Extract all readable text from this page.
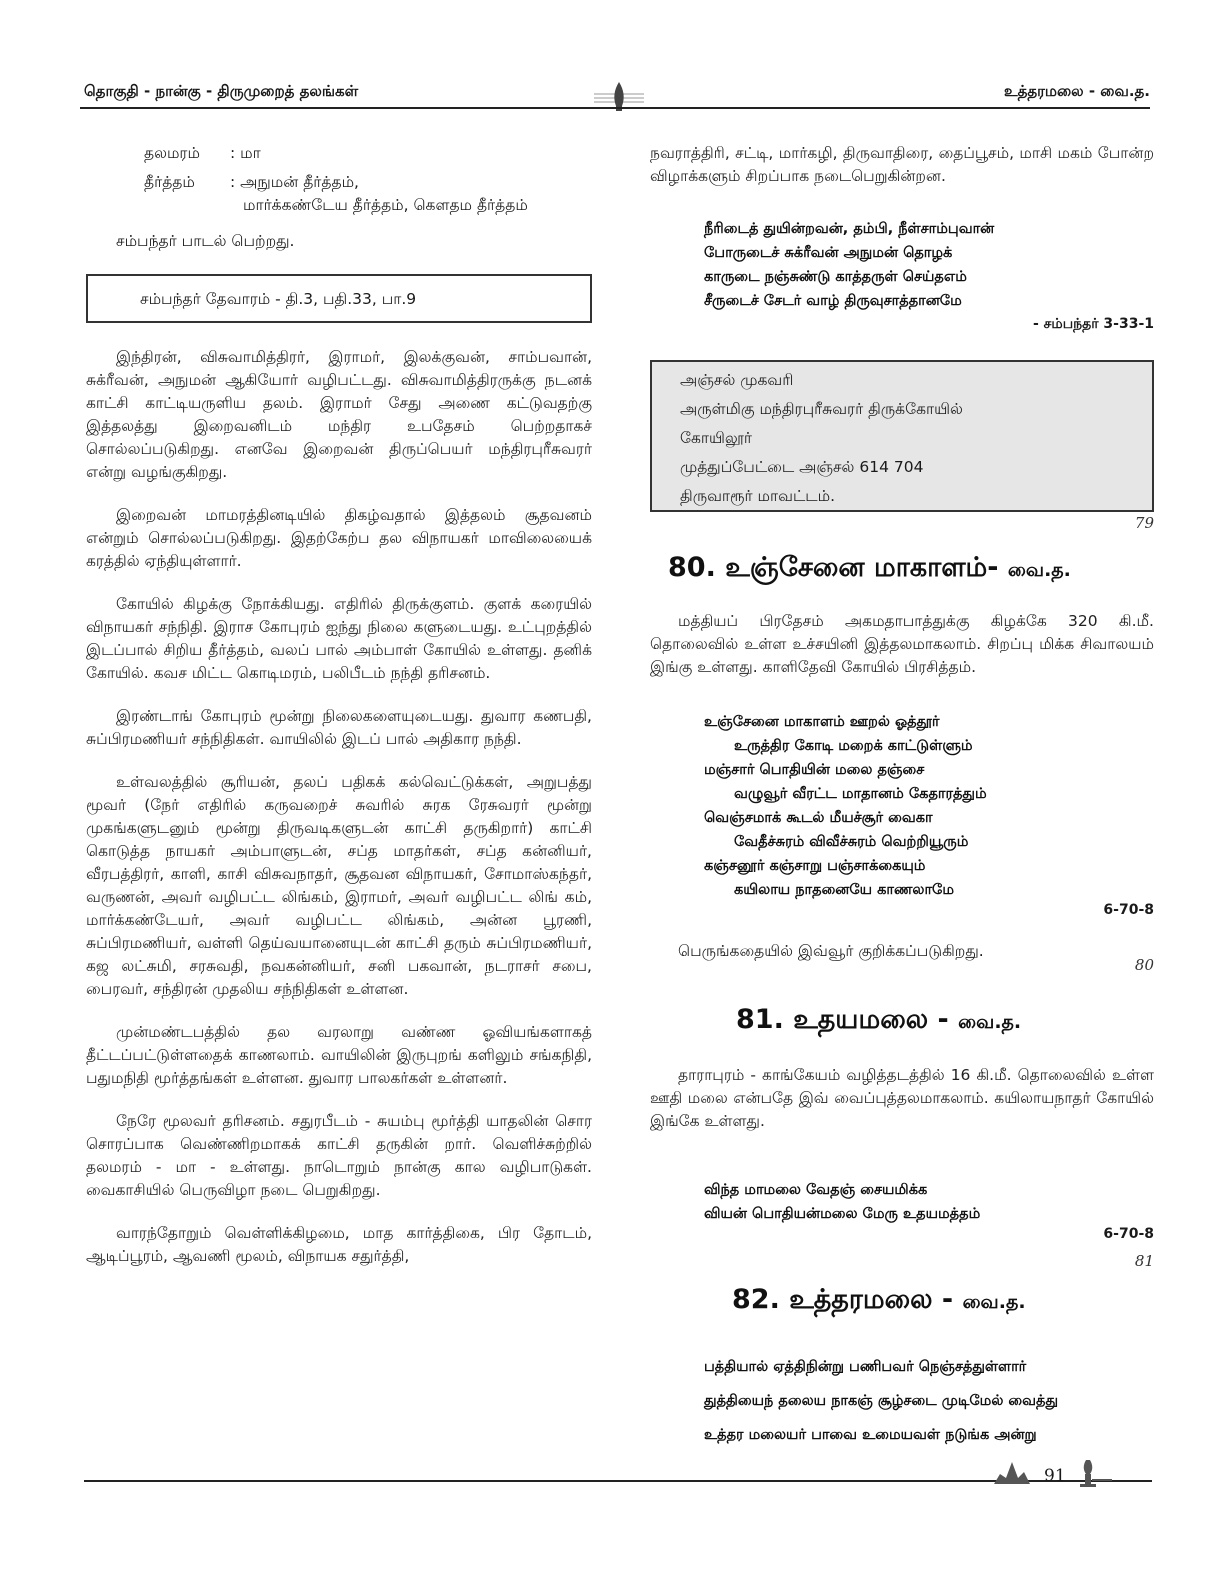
தொகுதி - நான்கு - திருமுறைத் தலங்கள்	உத்தரமலை - வை.த.
தலமரம் : மா
தீர்த்தம் : அநுமன் தீர்த்தம்,
மார்க்கண்டேய தீர்த்தம், கௌதம தீர்த்தம்
சம்பந்தர் பாடல் பெற்றது.
சம்பந்தர் தேவாரம் - தி.3, பதி.33, பா.9

இந்திரன், விசுவாமித்திரர், இராமர், இலக்குவன், சாம்பவான், சுக்ரீவன், அநுமன் ஆகியோர் வழிபட்டது. விசுவாமித்திரருக்கு நடனக் காட்சி காட்டியருளிய தலம். இராமர் சேது அணை கட்டுவதற்கு இத்தலத்து இறைவனிடம் மந்திர உபதேசம் பெற்றதாகச் சொல்லப்படுகிறது. எனவே இறைவன் திருப்பெயர் மந்திரபுரீசுவரர் என்று வழங்குகிறது.

இறைவன் மாமரத்தினடியில் திகழ்வதால் இத்தலம் சூதவனம் என்றும் சொல்லப்படுகிறது. இதற்கேற்ப தல விநாயகர் மாவிலையைக் கரத்தில் ஏந்தியுள்ளார்.

கோயில் கிழக்கு நோக்கியது. எதிரில் திருக்குளம். குளக் கரையில் விநாயகர் சந்நிதி. இராச கோபுரம் ஐந்து நிலை களுடையது. உட்புறத்தில் இடப்பால் சிறிய தீர்த்தம், வலப் பால் அம்பாள் கோயில் உள்ளது. தனிக் கோயில். கவச மிட்ட கொடிமரம், பலிபீடம் நந்தி தரிசனம்.

இரண்டாங் கோபுரம் மூன்று நிலைகளையுடையது. துவார கணபதி, சுப்பிரமணியர் சந்நிதிகள். வாயிலில் இடப் பால் அதிகார நந்தி.

உள்வலத்தில் சூரியன், தலப் பதிகக் கல்வெட்டுக்கள், அறுபத்து மூவர் (நேர் எதிரில் கருவறைச் சுவரில் சுரக ரேசுவரர் மூன்று முகங்களுடனும் மூன்று திருவடிகளுடன் காட்சி தருகிறார்) காட்சி கொடுத்த நாயகர் அம்பாளுடன், சப்த மாதர்கள், சப்த கன்னியர், வீரபத்திரர், காளி, காசி விசுவநாதர், சூதவன விநாயகர், சோமாஸ்கந்தர், வருணன், அவர் வழிபட்ட லிங்கம், இராமர், அவர் வழிபட்ட லிங் கம், மார்க்கண்டேயர், அவர் வழிபட்ட லிங்கம், அன்ன பூரணி, சுப்பிரமணியர், வள்ளி தெய்வயானையுடன் காட்சி தரும் சுப்பிரமணியர், கஜ லட்சுமி, சரசுவதி, நவகன்னியர், சனி பகவான், நடராசர் சபை, பைரவர், சந்திரன் முதலிய சந்நிதிகள் உள்ளன.

முன்மண்டபத்தில் தல வரலாறு வண்ண ஓவியங்களாகத் தீட்டப்பட்டுள்ளதைக் காணலாம். வாயிலின் இருபுறங் களிலும் சங்கநிதி, பதுமநிதி மூர்த்தங்கள் உள்ளன. துவார பாலகர்கள் உள்ளனர்.

நேரே மூலவர் தரிசனம். சதுரபீடம் - சுயம்பு மூர்த்தி யாதலின் சொர சொரப்பாக வெண்ணிறமாகக் காட்சி தருகின் றார். வெளிச்சுற்றில் தலமரம் - மா - உள்ளது. நாடொறும் நான்கு கால வழிபாடுகள். வைகாசியில் பெருவிழா நடை பெறுகிறது.

வாரந்தோறும் வெள்ளிக்கிழமை, மாத கார்த்திகை, பிர தோடம், ஆடிப்பூரம், ஆவணி மூலம், விநாயக சதுர்த்தி,

நவராத்திரி, சட்டி, மார்கழி, திருவாதிரை, தைப்பூசம், மாசி மகம் போன்ற விழாக்களும் சிறப்பாக நடைபெறுகின்றன.
நீரிடைத் துயின்றவன், தம்பி, நீள்சாம்புவான்
போருடைச் சுக்ரீவன் அநுமன் தொழக்
காருடை நஞ்சுண்டு காத்தருள் செய்தஎம்
சீருடைச் சேடர் வாழ் திருவுசாத்தானமே
- சம்பந்தர் 3-33-1
அஞ்சல் முகவரி
அருள்மிகு மந்திரபுரீசுவரர் திருக்கோயில்
கோயிலூர்
முத்துப்பேட்டை அஞ்சல் 614 704
திருவாரூர் மாவட்டம்.
79
80. உஞ்சேனை மாகாளம்- வை.த.
மத்தியப் பிரதேசம் அகமதாபாத்துக்கு கிழக்கே 320 கி.மீ. தொலைவில் உள்ள உச்சயினி இத்தலமாகலாம். சிறப்பு மிக்க சிவாலயம் இங்கு உள்ளது. காளிதேவி கோயில் பிரசித்தம்.
உஞ்சேனை மாகாளம் ஊறல் ஓத்தூர்
உருத்திர கோடி மறைக் காட்டுள்ளும்
மஞ்சார் பொதியின் மலை தஞ்சை
வழுவூர் வீரட்ட மாதானம் கேதாரத்தும்
வெஞ்சமாக் கூடல் மீயச்சூர் வைகா
வேதீச்சுரம் விவீச்சுரம் வெற்றியூரும்
கஞ்சனூர் கஞ்சாறு பஞ்சாக்கையும்
கயிலாய நாதனையே காணலாமே
6-70-8
பெருங்கதையில் இவ்வூர் குறிக்கப்படுகிறது.
80
81. உதயமலை - வை.த.
தாராபுரம் - காங்கேயம் வழித்தடத்தில் 16 கி.மீ. தொலைவில் உள்ள ஊதி மலை என்பதே இவ் வைப்புத்தலமாகலாம். கயிலாயநாதர் கோயில் இங்கே உள்ளது.
விந்த மாமலை வேதஞ் சையமிக்க
வியன் பொதியன்மலை மேரு உதயமத்தம்
6-70-8
81
82. உத்தரமலை - வை.த.
பத்தியால் ஏத்திநின்று பணிபவர் நெஞ்சத்துள்ளார்
துத்தியைந் தலைய நாகஞ் சூழ்சடை முடிமேல் வைத்து
உத்தர மலையர் பாவை உமையவள் நடுங்க அன்று
91
